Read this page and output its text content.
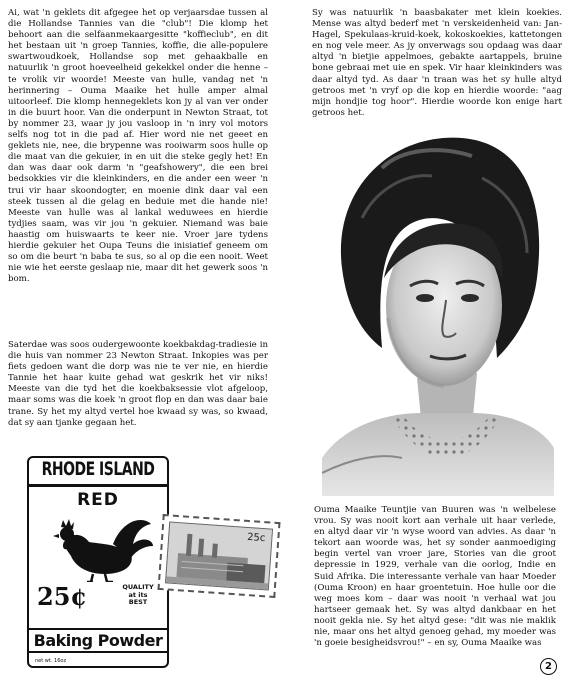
Ai, wat 'n geklets dit afgegee het op verjaarsdae tussen al die Hollandse Tannies van die "club"! Die klomp het behoort aan die selfaanmekaargesitte "koffieclub", en dit het bestaan uit 'n groep Tannies, koffie, die alle-populere swartwoudkoek, Hollandse sop met gehaakballe en natuurlik 'n groot hoeveelheid gekekkel onder die henne – te vrolik vir woorde! Meeste van hulle, vandag net 'n herinnering – Ouma Maaike het hulle amper almal uitoorleef. Die klomp hennegeklets kon jy al van ver onder in die buurt hoor. Van die onderpunt in Newton Straat, tot by nommer 23, waar jy jou vasloop in 'n inry vol motors selfs nog tot in die pad af. Hier word nie net geeet en geklets nie, nee, die brypenne was rooiwarm soos hulle op die maat van die gekuier, in en uit die steke gegly het! En dan was daar ook darm 'n "geafshowery", die een brei bedsokkies vir die kleinkinders, en die ander een weer 'n trui vir haar skoondogter, en moenie dink daar val een steek tussen al die gelag en beduie met die hande nie! Meeste van hulle was al lankal weduwees en hierdie tydjies saam, was vir jou 'n gekuier. Niemand was baie haastig om huiswaarts te keer nie. Vroer jare tydens hierdie gekuier het Oupa Teuns die inisiatief geneem om so om die beurt 'n baba te sus, so al op die een nooit. Weet nie wie het eerste geslaap nie, maar dit het gewerk soos 'n bom.

Saterdae was soos oudergewoonte koekbakdag-tradiesie in die huis van nommer 23 Newton Straat. Inkopies was per fiets gedoen want die dorp was nie te ver nie, en hierdie Tannie het haar kuite gehad wat geskrik het vir niks! Meeste van die tyd het die koekbaksessie vlot afgeloop, maar soms was die koek 'n groot flop en dan was daar baie trane. Sy het my altyd vertel hoe kwaad sy was, so kwaad, dat sy aan tjanke gegaan het.

Sy was natuurlik 'n baasbakater met klein koekies. Mense was altyd bederf met 'n verskeidenheid van: Jan-Hagel, Spekulaas-kruid-koek, kokoskoekies, kattetongen en nog vele meer. As jy onverwags sou opdaag was daar altyd 'n bietjie appelmoes, gebakte aartappels, bruine bone gebraai met uie en spek. Vir haar kleinkinders was daar altyd tyd. As daar 'n traan was het sy hulle altyd getroos met 'n vryf op die kop en hierdie woorde: "aag mijn hondjie tog hoor". Hierdie woorde kon enige hart getroos het.

Ouma Maaike Teuntjie van Buuren was 'n welbelese vrou. Sy was nooit kort aan verhale uit haar verlede, en altyd daar vir 'n wyse woord van advies. As daar 'n tekort aan woorde was, het sy sonder aanmoediging begin vertel van vroer jare, Stories van die groot depressie in 1929, verhale van die oorlog, Indie en Suid Afrika. Die interessante verhale van haar Moeder (Ouma Kroon) en haar groentetuin. Hoe hulle oor die weg moes kom – daar was nooit 'n verhaal wat jou hartseer gemaak het. Sy was altyd dankbaar en het nooit gekla nie. Sy het altyd gese: "dit was nie maklik nie, maar ons het altyd genoeg gehad, my moeder was 'n goeie besigheidsvrou!" – en sy, Ouma Maaike was

RHODE ISLAND
RED
25¢	QUALITY
at its
BEST
Baking Powder
net wt. 16oz
25c
2
